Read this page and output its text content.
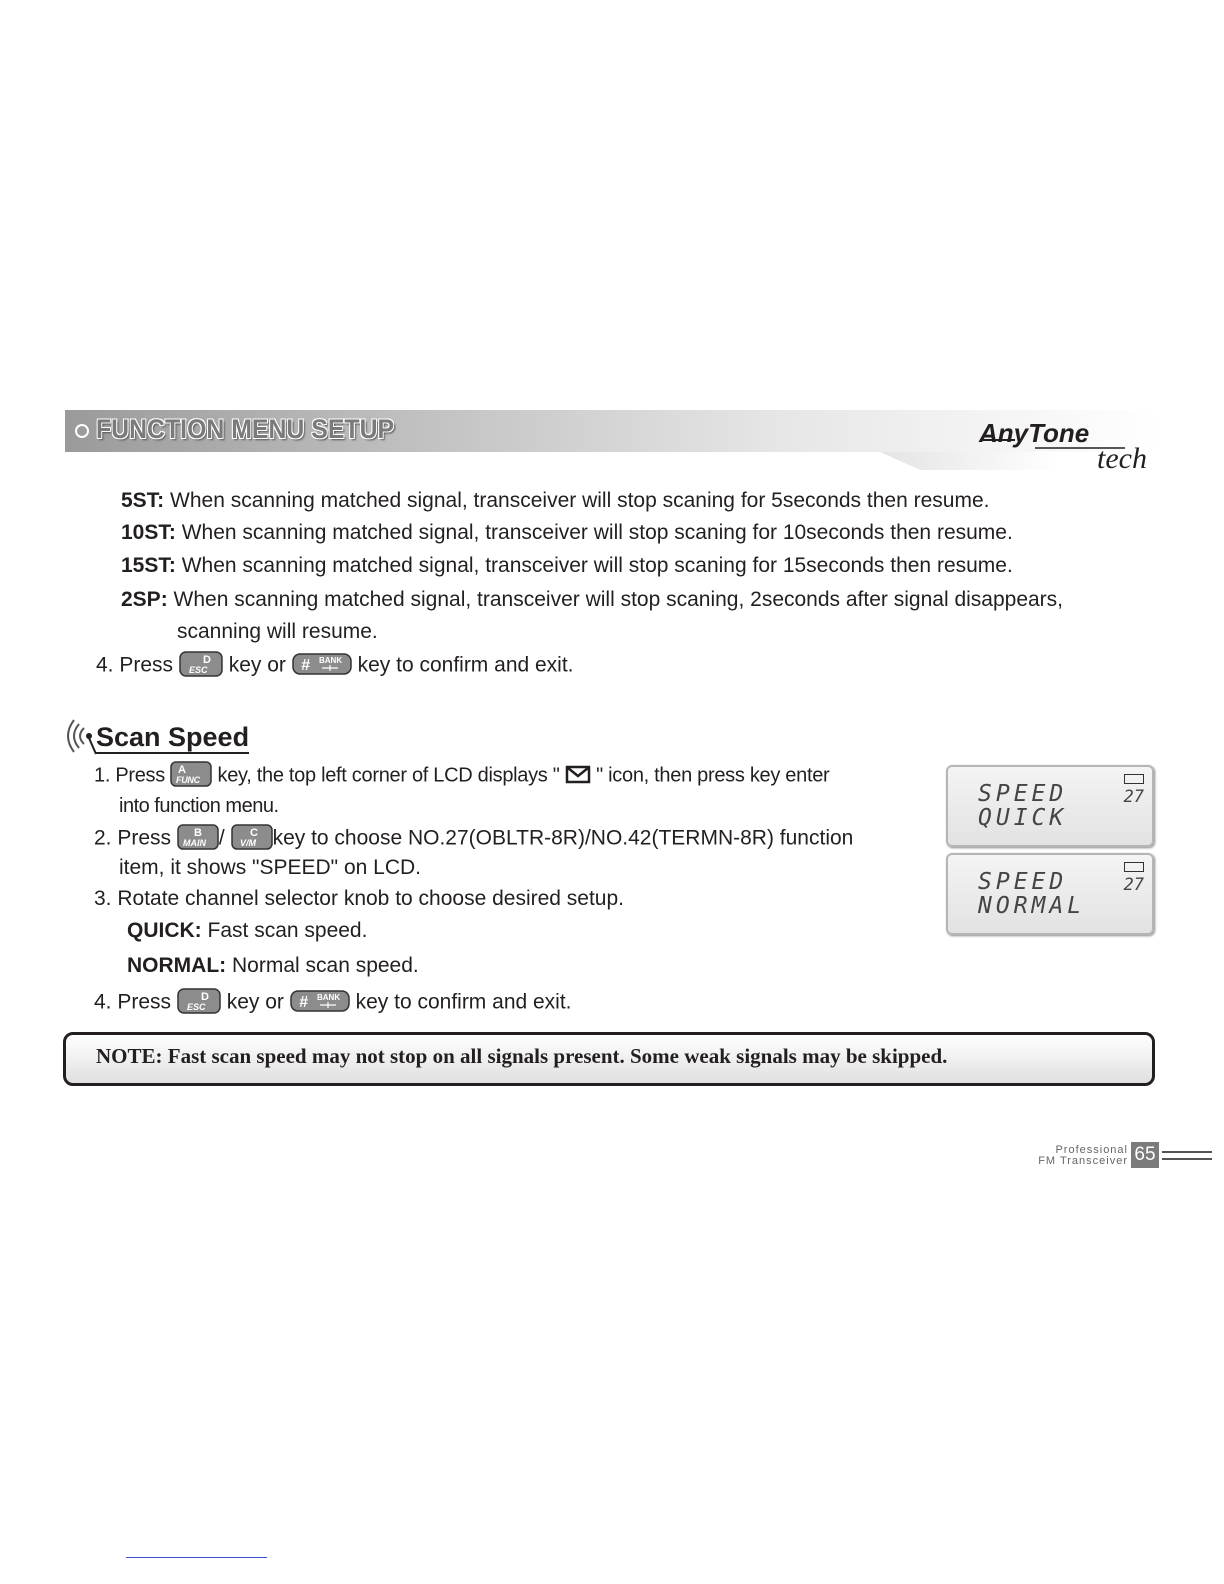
FUNCTION MENU SETUP	AnyTone
tech
5ST: When scanning matched signal, transceiver will stop scaning for 5seconds then resume.
10ST: When scanning matched signal, transceiver will stop scaning for 10seconds then resume.
15ST: When scanning matched signal, transceiver will stop scaning for 15seconds then resume.
2SP: When scanning matched signal, transceiver will stop scaning, 2seconds after signal disappears,
scanning will resume.
4. Press	D
ESC key or # BANK key to confirm and exit.
Scan Speed
1. Press A
FUNC key, the top left corner of LCD displays " " icon, then press key enter
into function menu.
2. Press B
MAIN / C
V/M key to choose NO.27(OBLTR-8R)/NO.42(TERMN-8R) function
item, it shows "SPEED" on LCD.
3. Rotate channel selector knob to choose desired setup.
QUICK: Fast scan speed.
NORMAL: Normal scan speed.
4. Press	D
ESC key or # BANK key to confirm and exit.
SPEED
QUICK
27
SPEED
NORMAL
27
NOTE: Fast scan speed may not stop on all signals present. Some weak signals may be skipped.
Professional
FM Transceiver 65
